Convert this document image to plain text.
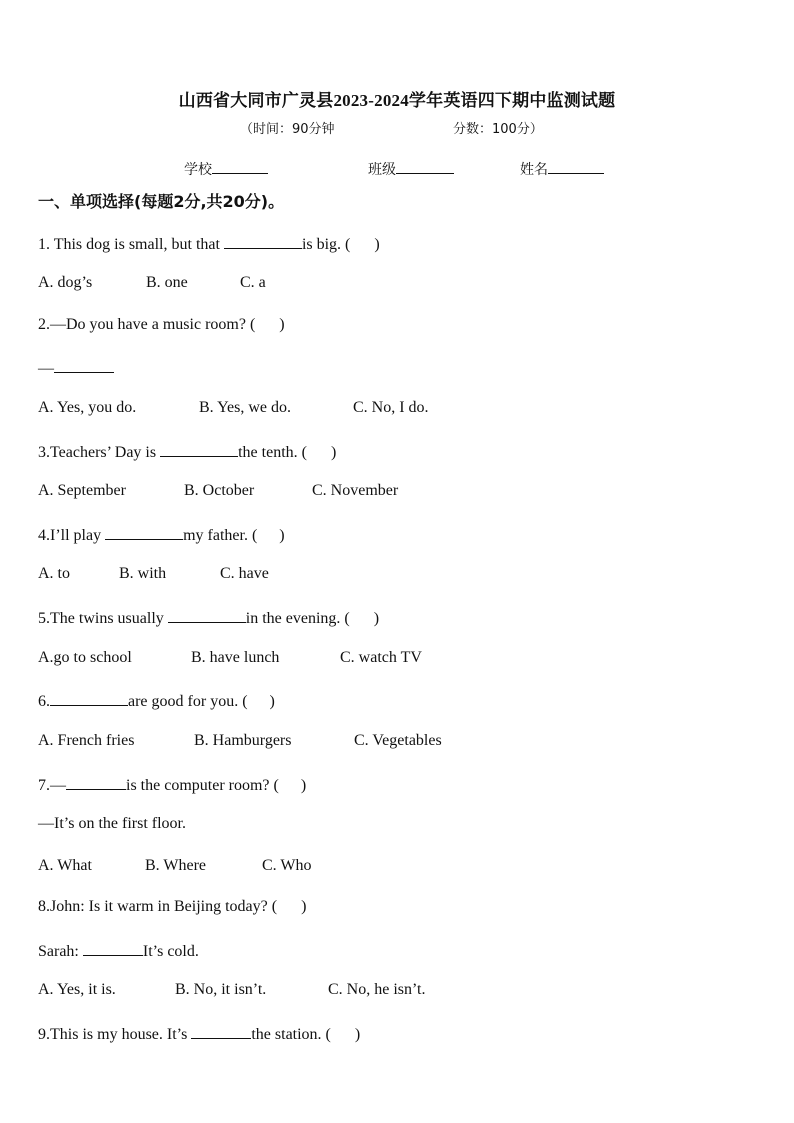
山西省大同市广灵县2023-2024学年英语四下期中监测试题
（时间：90分钟	分数：100分）
学校	班级	姓名
一、单项选择(每题2分,共20分)。
1. This dog is small, but that	is big. ( )
A. dog’s	B. one	C. a
2.—Do you have a music room? ( )
—
A. Yes, you do.	B. Yes, we do.	C. No, I do.
3.Teachers’ Day is	the tenth. ( )
A. September	B. October	C. November
4.I’ll play	my father. ( )
A. to	B. with	C. have
5.The twins usually	in the evening. ( )
A.go to school	B. have lunch	C. watch TV
6.	are good for you. ( )
A. French fries	B. Hamburgers	C. Vegetables
7.—	is the computer room? ( )
—It’s on the first floor.
A. What	B. Where	C. Who
8.John: Is it warm in Beijing today? ( )
Sarah:	It’s cold.
A. Yes, it is.	B. No, it isn’t.	C. No, he isn’t.
9.This is my house. It’s	the station. ( )
